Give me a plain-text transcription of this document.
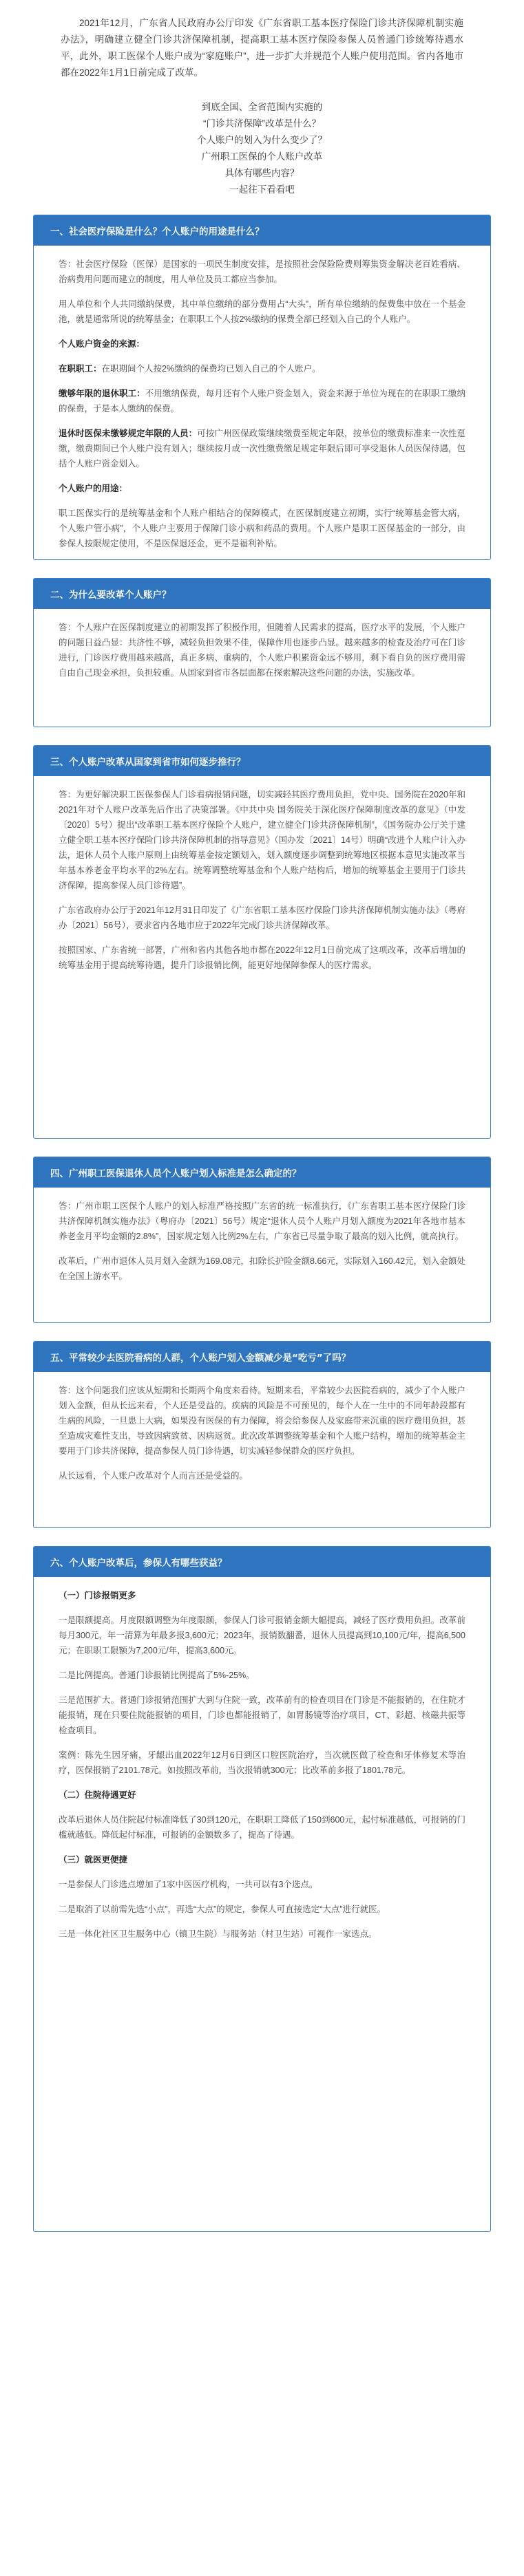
2021年12月，广东省人民政府办公厅印发《广东省职工基本医疗保险门诊共济保障机制实施办法》，明确建立健全门诊共济保障机制，提高职工基本医疗保险参保人员普通门诊统筹待遇水平，此外，职工医保个人账户成为“家庭账户”，进一步扩大并规范个人账户使用范围。省内各地市都在2022年1月1日前完成了改革。

到底全国、全省范围内实施的
“门诊共济保障”改革是什么？
个人账户的划入为什么变少了？
广州职工医保的个人账户改革
具体有哪些内容？
一起往下看看吧
一、社会医疗保险是什么？个人账户的用途是什么？

答：社会医疗保险（医保）是国家的一项民生制度安排，是按照社会保险险费则筹集资金解决老百姓看病、治病费用问题而建立的制度，用人单位及员工都应当参加。

用人单位和个人共同缴纳保费，其中单位缴纳的部分费用占“大头”，所有单位缴纳的保费集中放在一个基金池，就是通常所说的统筹基金；在职职工个人按2%缴纳的保费全部已经划入自己的个人账户。

个人账户资金的来源：

在职职工：在职期间个人按2%缴纳的保费均已划入自己的个人账户。

缴够年限的退休职工：不用缴纳保费，每月还有个人账户资金划入，资金来源于单位为现在的在职职工缴纳的保费，于是本人缴纳的保费。

退休时医保未缴够规定年限的人员：可按广州医保政策继续缴费至规定年限，按单位的缴费标准来一次性趸缴，缴费期间已个人账户没有划入；继续按月或一次性缴费缴足规定年限后即可享受退休人员医保待遇，包括个人账户资金划入。

个人账户的用途：

职工医保实行的是统筹基金和个人账户相结合的保障模式，在医保制度建立初期，实行“统筹基金管大病，个人账户管小病”，个人账户主要用于保障门诊小病和药品的费用。个人账户是职工医保基金的一部分，由参保人按限规定使用，不是医保退还金，更不是福利补贴。

二、为什么要改革个人账户？

答：个人账户在医保制度建立的初期发挥了积极作用，但随着人民需求的提高，医疗水平的发展，个人账户的问题日益凸显：共济性不够，减轻负担效果不佳，保障作用也逐步凸显。越来越多的检查及治疗可在门诊进行，门诊医疗费用越来越高，真正多病、重病的，个人账户积累资金远不够用，剩下看自负的医疗费用需自由自己现金承担，负担较重。从国家到省市各层面都在探索解决这些问题的办法，实施改革。

三、个人账户改革从国家到省市如何逐步推行？

答：为更好解决职工医保参保人门诊看病报销问题，切实减轻其医疗费用负担，党中央、国务院在2020年和2021年对个人账户改革先后作出了决策部署。《中共中央 国务院关于深化医疗保障制度改革的意见》（中发〔2020〕5号）提出“改革职工基本医疗保险个人账户，建立健全门诊共济保障机制”，《国务院办公厅关于建立健全职工基本医疗保险门诊共济保障机制的指导意见》（国办发〔2021〕14号）明确“改进个人账户计入办法，退休人员个人账户原则上由统筹基金按定额划入，划入额度逐步调整到统筹地区根据本意见实施改革当年基本养老金平均水平的2%左右。统筹调整统筹基金和个人账户结构后，增加的统筹基金主要用于门诊共济保障，提高参保人员门诊待遇”。

广东省政府办公厅于2021年12月31日印发了《广东省职工基本医疗保险门诊共济保障机制实施办法》（粤府办〔2021〕56号），要求省内各地市应于2022年完成门诊共济保障改革。

按照国家、广东省统一部署，广州和省内其他各地市都在2022年12月1日前完成了这项改革，改革后增加的统筹基金用于提高统筹待遇，提升门诊报销比例，能更好地保障参保人的医疗需求。

四、广州职工医保退休人员个人账户划入标准是怎么确定的？

答：广州市职工医保个人账户的划入标准严格按照广东省的统一标准执行，《广东省职工基本医疗保险门诊共济保障机制实施办法》（粤府办〔2021〕56号）规定“退休人员个人账户月划入额度为2021年各地市基本养老金月平均金额的2.8%”，国家规定划入比例2%左右，广东省已尽量争取了最高的划入比例，就高执行。

改革后，广州市退休人员月划入金额为169.08元，扣除长护险金额8.66元，实际划入160.42元，划入金额处在全国上游水平。

五、平常较少去医院看病的人群，个人账户划入金额减少是“吃亏”了吗？

答：这个问题我们应该从短期和长期两个角度来看待。短期来看，平常较少去医院看病的，减少了个人账户划入金额，但从长远来看，个人还是受益的。疾病的风险是不可预见的，每个人在一生中的不同年龄段都有生病的风险，一旦患上大病，如果没有医保的有力保障，将会给参保人及家庭带来沉重的医疗费用负担，甚至造成灾难性支出，导致因病致贫、因病返贫。此次改革调整统筹基金和个人账户结构，增加的统筹基金主要用于门诊共济保障，提高参保人员门诊待遇，切实减轻参保群众的医疗负担。

从长远看，个人账户改革对个人而言还是受益的。

六、个人账户改革后，参保人有哪些获益？

（一）门诊报销更多

一是限额提高。月度限额调整为年度限额，参保人门诊可报销金额大幅提高，减轻了医疗费用负担。改革前每月300元，年一清算为年最多报3,600元；2023年，报销数翻番，退休人员提高到10,100元/年，提高6,500元；在职职工限额为7,200元/年，提高3,600元。

二是比例提高。普通门诊报销比例提高了5%-25%。

三是范围扩大。普通门诊报销范围扩大到与住院一致，改革前有的检查项目在门诊是不能报销的，在住院才能报销，现在只要住院能报销的项目，门诊也都能报销了，如胃肠镜等治疗项目，CT、彩超、核磁共振等检查项目。

案例：陈先生因牙痛，牙龈出血2022年12月6日到区口腔医院治疗，当次就医做了检查和牙体修复术等治疗，医保报销了2101.78元。如按照改革前，当次报销就300元；比改革前多报了1801.78元。

（二）住院待遇更好

改革后退休人员住院起付标准降低了30到120元，在职职工降低了150到600元，起付标准越低，可报销的门槛就越低。降低起付标准，可报销的金额数多了，提高了待遇。

（三）就医更便捷

一是参保人门诊选点增加了1家中医医疗机构，一共可以有3个选点。

二是取消了以前需先选“小点”，再选“大点”的规定，参保人可直接选定“大点”进行就医。

三是一体化社区卫生服务中心（镇卫生院）与服务站（村卫生站）可视作一家选点。
